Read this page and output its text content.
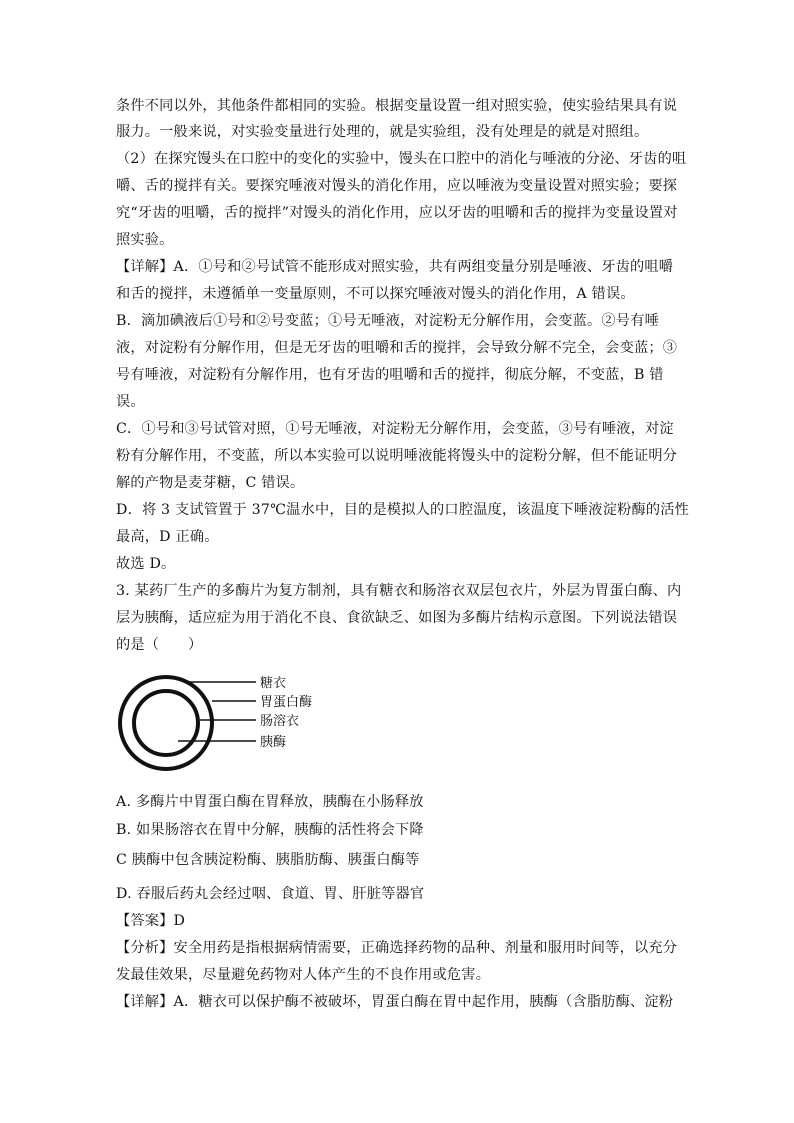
条件不同以外，其他条件都相同的实验。根据变量设置一组对照实验，使实验结果具有说
服力。一般来说，对实验变量进行处理的，就是实验组，没有处理是的就是对照组。
（2）在探究馒头在口腔中的变化的实验中，馒头在口腔中的消化与唾液的分泌、牙齿的咀
嚼、舌的搅拌有关。要探究唾液对馒头的消化作用，应以唾液为变量设置对照实验；要探
究“牙齿的咀嚼，舌的搅拌”对馒头的消化作用，应以牙齿的咀嚼和舌的搅拌为变量设置对
照实验。
【详解】A．①号和②号试管不能形成对照实验，共有两组变量分别是唾液、牙齿的咀嚼
和舌的搅拌，未遵循单一变量原则，不可以探究唾液对馒头的消化作用，A 错误。
B．滴加碘液后①号和②号变蓝；①号无唾液，对淀粉无分解作用，会变蓝。②号有唾
液，对淀粉有分解作用，但是无牙齿的咀嚼和舌的搅拌，会导致分解不完全，会变蓝；③
号有唾液，对淀粉有分解作用，也有牙齿的咀嚼和舌的搅拌，彻底分解，不变蓝，B 错
误。
C．①号和③号试管对照，①号无唾液，对淀粉无分解作用，会变蓝，③号有唾液，对淀
粉有分解作用，不变蓝，所以本实验可以说明唾液能将馒头中的淀粉分解，但不能证明分
解的产物是麦芽糖，C 错误。
D．将 3 支试管置于 37℃温水中，目的是模拟人的口腔温度，该温度下唾液淀粉酶的活性
最高，D 正确。
故选 D。
3. 某药厂生产的多酶片为复方制剂，具有糖衣和肠溶衣双层包衣片，外层为胃蛋白酶、内
层为胰酶，适应症为用于消化不良、食欲缺乏、如图为多酶片结构示意图。下列说法错误
的是（　　）
糖衣
胃蛋白酶
肠溶衣
胰酶
A. 多酶片中胃蛋白酶在胃释放，胰酶在小肠释放
B. 如果肠溶衣在胃中分解，胰酶的活性将会下降
C 胰酶中包含胰淀粉酶、胰脂肪酶、胰蛋白酶等
D. 吞服后药丸会经过咽、食道、胃、肝脏等器官
【答案】D
【分析】安全用药是指根据病情需要，正确选择药物的品种、剂量和服用时间等，以充分
发最佳效果，尽量避免药物对人体产生的不良作用或危害。
【详解】A．糖衣可以保护酶不被破坏，胃蛋白酶在胃中起作用，胰酶（含脂肪酶、淀粉
